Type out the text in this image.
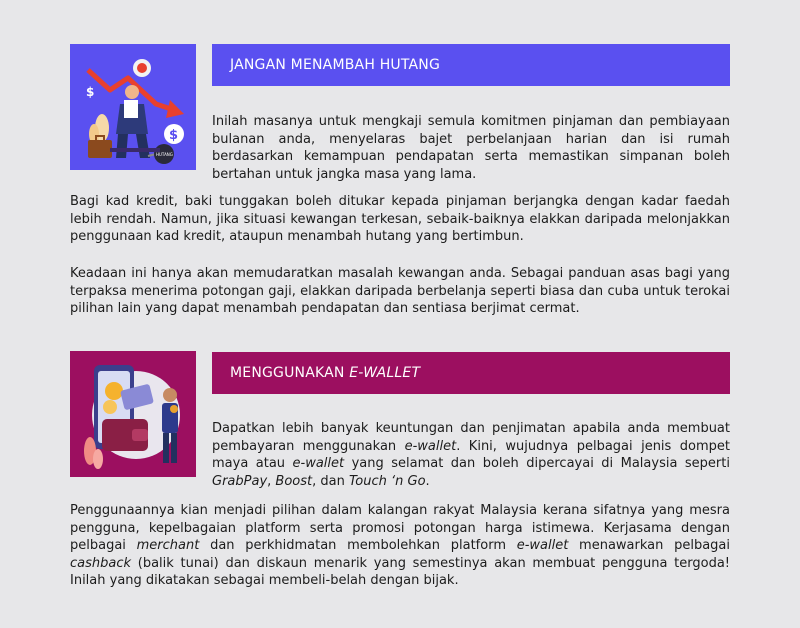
$
$
HUTANG
JANGAN MENAMBAH HUTANG

Inilah masanya untuk mengkaji semula komitmen pinjaman dan pembiayaan bulanan anda, menyelaras bajet perbelanjaan harian dan isi rumah berdasarkan kemampuan pendapatan serta memastikan simpanan boleh bertahan untuk jangka masa yang lama.

Bagi kad kredit, baki tunggakan boleh ditukar kepada pinjaman berjangka dengan kadar faedah lebih rendah. Namun, jika situasi kewangan terkesan, sebaik-baiknya elakkan daripada melonjakkan penggunaan kad kredit, ataupun menambah hutang yang bertimbun.

Keadaan ini hanya akan memudaratkan masalah kewangan anda. Sebagai panduan asas bagi yang terpaksa menerima potongan gaji, elakkan daripada berbelanja seperti biasa dan cuba untuk terokai pilihan lain yang dapat menambah pendapatan dan sentiasa berjimat cermat.

MENGGUNAKAN E-WALLET

Dapatkan lebih banyak keuntungan dan penjimatan apabila anda membuat pembayaran menggunakan e-wallet. Kini, wujudnya pelbagai jenis dompet maya atau e-wallet yang selamat dan boleh dipercayai di Malaysia seperti GrabPay, Boost, dan Touch ‘n Go.

Penggunaannya kian menjadi pilihan dalam kalangan rakyat Malaysia kerana sifatnya yang mesra pengguna, kepelbagaian platform serta promosi potongan harga istimewa. Kerjasama dengan pelbagai merchant dan perkhidmatan membolehkan platform e-wallet menawarkan pelbagai cashback (balik tunai) dan diskaun menarik yang semestinya akan membuat pengguna tergoda! Inilah yang dikatakan sebagai membeli-belah dengan bijak.
